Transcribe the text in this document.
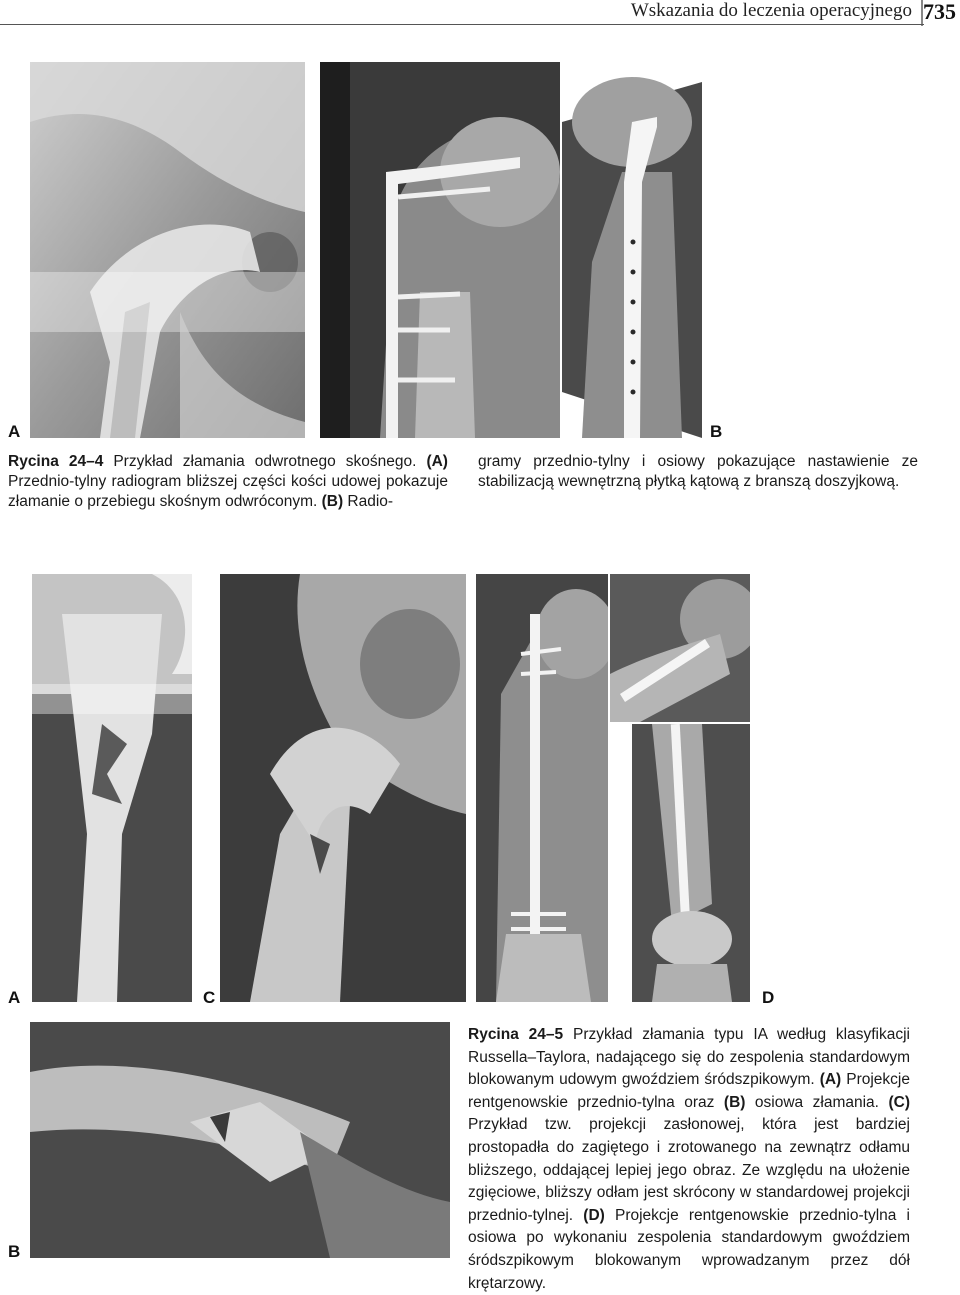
Wskazania do leczenia operacyjnego 735
A	B
Rycina 24–4 Przykład złamania odwrotnego skośnego. (A) Przednio-tylny radiogram bliższej części kości udowej pokazuje złamanie o przebiegu skośnym odwróconym. (B) Radio-
gramy przednio-tylny i osiowy pokazujące nastawienie ze stabilizacją wewnętrzną płytką kątową z branszą doszyjkową.
A	C	D
B
Rycina 24–5 Przykład złamania typu IA według klasyfikacji Russella–Taylora, nadającego się do zespolenia standardowym blokowanym udowym gwoździem śródszpikowym. (A) Projekcje rentgenowskie przednio-tylna oraz (B) osiowa złamania. (C) Przykład tzw. projekcji zasłonowej, która jest bardziej prostopadła do zagiętego i zrotowanego na zewnątrz odłamu bliższego, oddającej lepiej jego obraz. Ze względu na ułożenie zgięciowe, bliższy odłam jest skrócony w standardowej projekcji przednio-tylnej. (D) Projekcje rentgenowskie przednio-tylna i osiowa po wykonaniu zespolenia standardowym gwoździem śródszpikowym blokowanym wprowadzanym przez dół krętarzowy.
